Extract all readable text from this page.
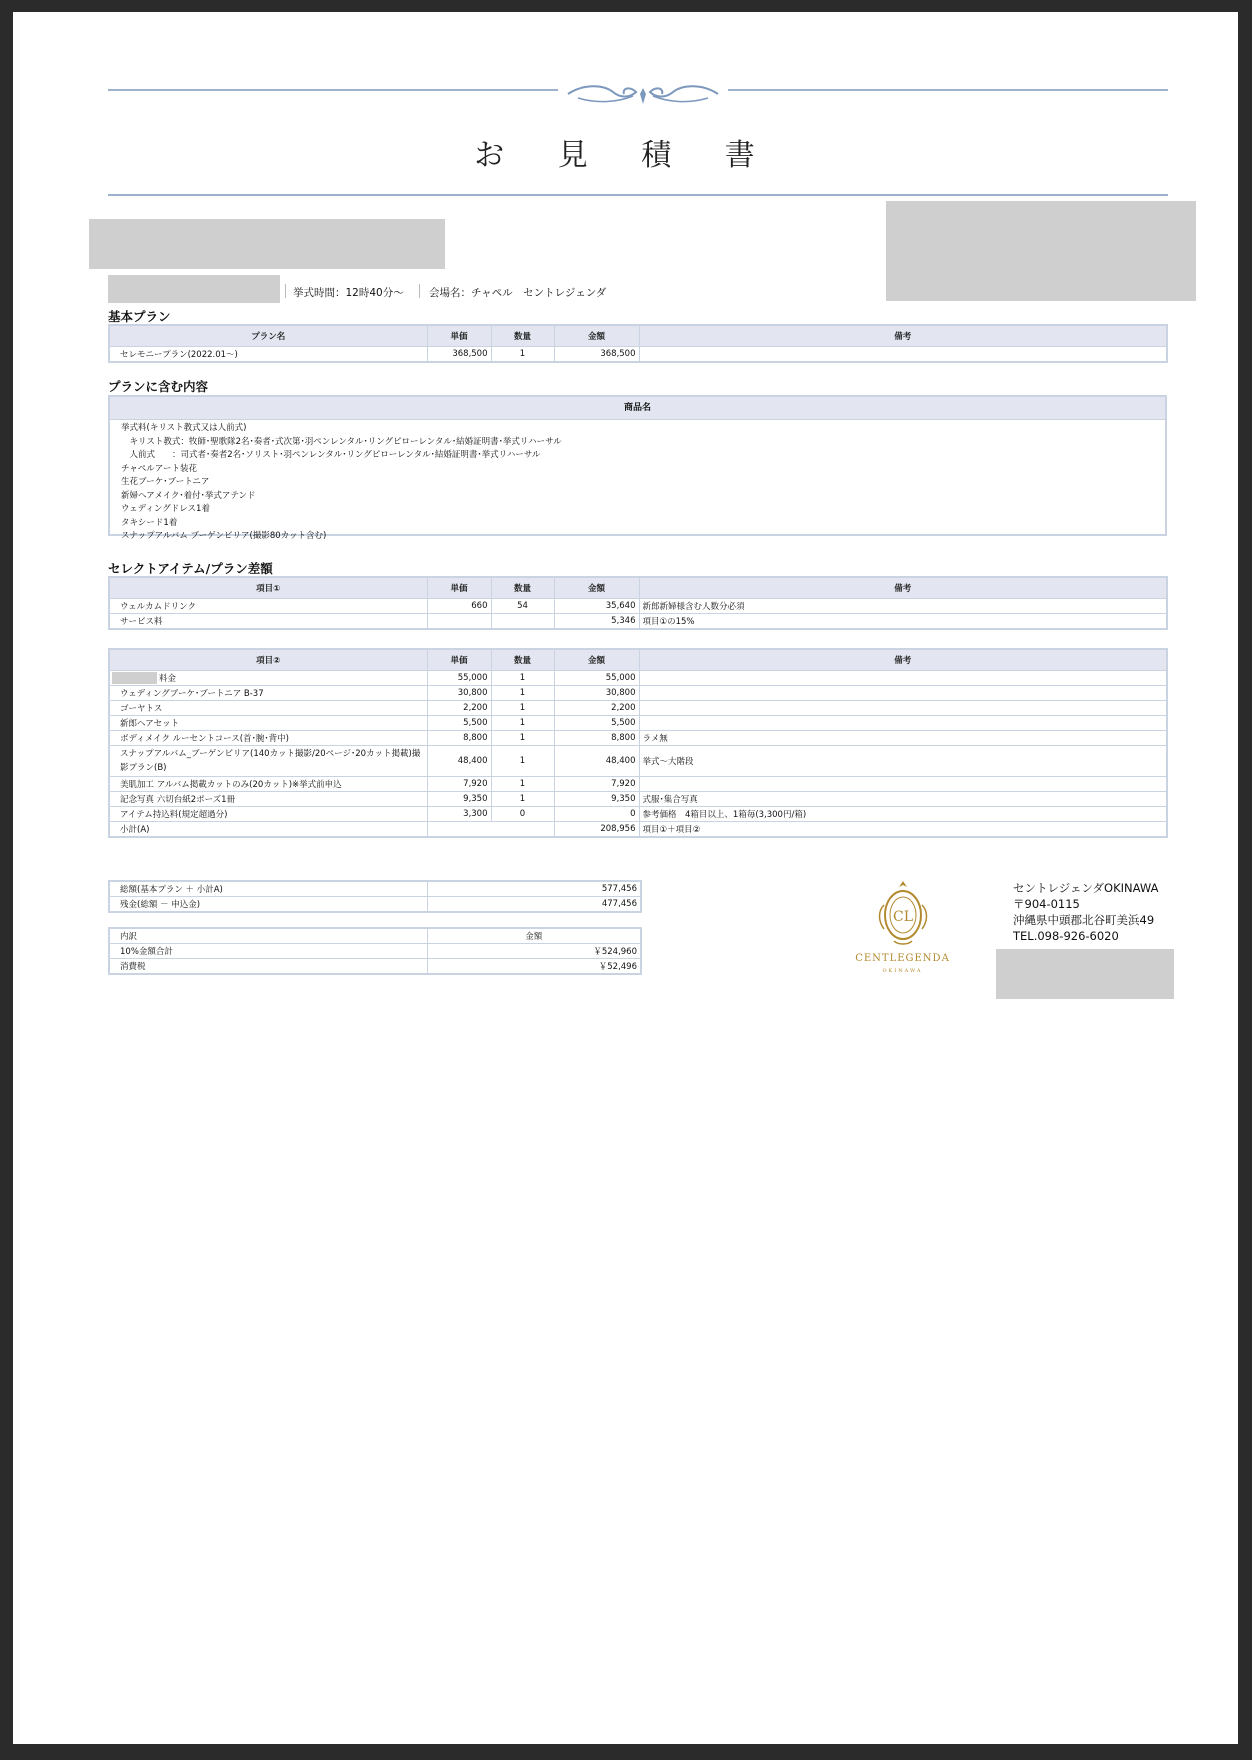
お 見 積 書
挙式時間：12時40分〜 会場名：チャペル　セントレジェンダ
基本プラン
プラン名	単価	数量	金額	備考
セレモニープラン(2022.01〜)	368,500	1	368,500	
プランに含む内容
商品名
挙式料(キリスト教式又は人前式)
　キリスト教式：牧師･聖歌隊2名･奏者･式次第･羽ペンレンタル･リングピローレンタル･結婚証明書･挙式リハーサル
　人前式　　：司式者･奏者2名･ソリスト･羽ペンレンタル･リングピローレンタル･結婚証明書･挙式リハーサル
チャペルアート装花
生花ブーケ･ブートニア
新婦ヘアメイク･着付･挙式アテンド
ウェディングドレス1着
タキシード1着
スナップアルバム ブーゲンビリア(撮影80カット含む)
セレクトアイテム/プラン差額
項目①	単価	数量	金額	備考
ウェルカムドリンク	660	54	35,640	新郎新婦様含む人数分必須
サービス料			5,346	項目①の15%
項目②	単価	数量	金額	備考

料金	55,000	1	55,000	
ウェディングブーケ･ブートニア B-37	30,800	1	30,800	
ゴーヤトス	2,200	1	2,200	
新郎ヘアセット	5,500	1	5,500	
ボディメイク ルーセントコース(首･腕･背中)	8,800	1	8,800	ラメ無
スナップアルバム_ブーゲンビリア(140カット撮影/20ページ･20カット掲載)撮
影プラン(B)	48,400	1	48,400	挙式～大階段
美肌加工 アルバム掲載カットのみ(20カット)※挙式前申込	7,920	1	7,920	
記念写真 六切台紙2ポーズ1冊	9,350	1	9,350	式服･集合写真
アイテム持込料(規定超過分)	3,300	0	0	参考価格　4箱目以上、1箱毎(3,300円/箱)
小計(A)			208,956	項目①＋項目②
総額(基本プラン ＋ 小計A)	577,456
残金(総額 － 申込金)	477,456
内訳	金額
10%金額合計	￥524,960
消費税	￥52,496
CL
CENTLEGENDA
OKINAWA
セントレジェンダOKINAWA
〒904-0115
沖縄県中頭郡北谷町美浜49
TEL.098-926-6020
